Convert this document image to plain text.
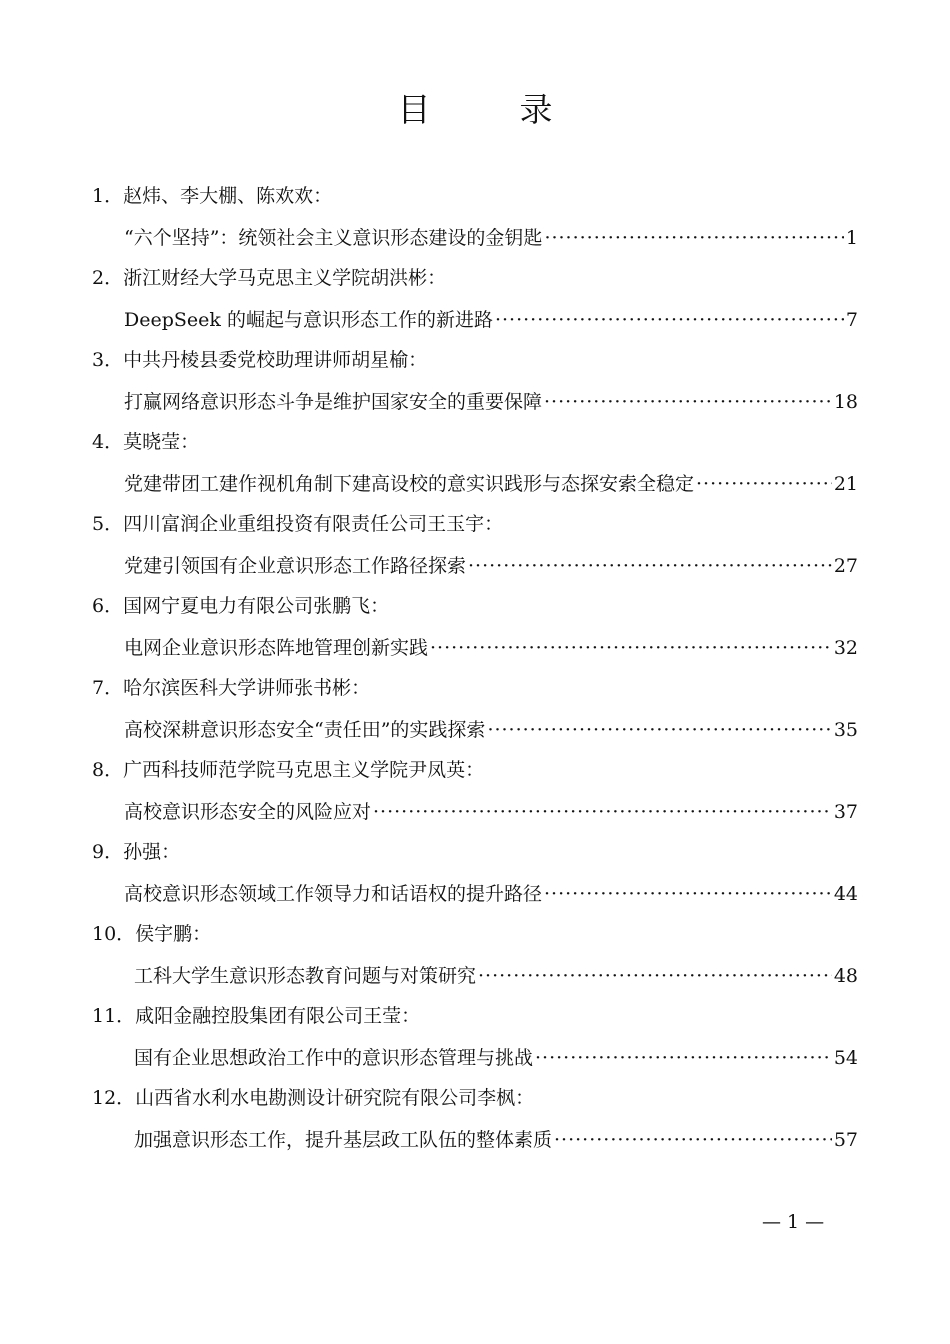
目　录
1．赵炜、李大棚、陈欢欢：
“六个坚持”：统领社会主义意识形态建设的金钥匙 ·····	1
2．浙江财经大学马克思主义学院胡洪彬：
DeepSeek 的崛起与意识形态工作的新进路 ·····	7
3．中共丹棱县委党校助理讲师胡星榆：
打赢网络意识形态斗争是维护国家安全的重要保障 ·····	18
4．莫晓莹：
党建带团工建作视机角制下建高设校的意实识践形与态探安索全稳定 ·····	21
5．四川富润企业重组投资有限责任公司王玉宇：
党建引领国有企业意识形态工作路径探索 ·····	27
6．国网宁夏电力有限公司张鹏飞：
电网企业意识形态阵地管理创新实践 ·····	32
7．哈尔滨医科大学讲师张书彬：
高校深耕意识形态安全“责任田”的实践探索 ·····	35
8．广西科技师范学院马克思主义学院尹凤英：
高校意识形态安全的风险应对 ·····	37
9．孙强：
高校意识形态领域工作领导力和话语权的提升路径 ·····	44
10．侯宇鹏：
工科大学生意识形态教育问题与对策研究 ·····	48
11．咸阳金融控股集团有限公司王莹：
国有企业思想政治工作中的意识形态管理与挑战 ·····	54
12．山西省水利水电勘测设计研究院有限公司李枫：
加强意识形态工作，提升基层政工队伍的整体素质 ·····	57
— 1 —
